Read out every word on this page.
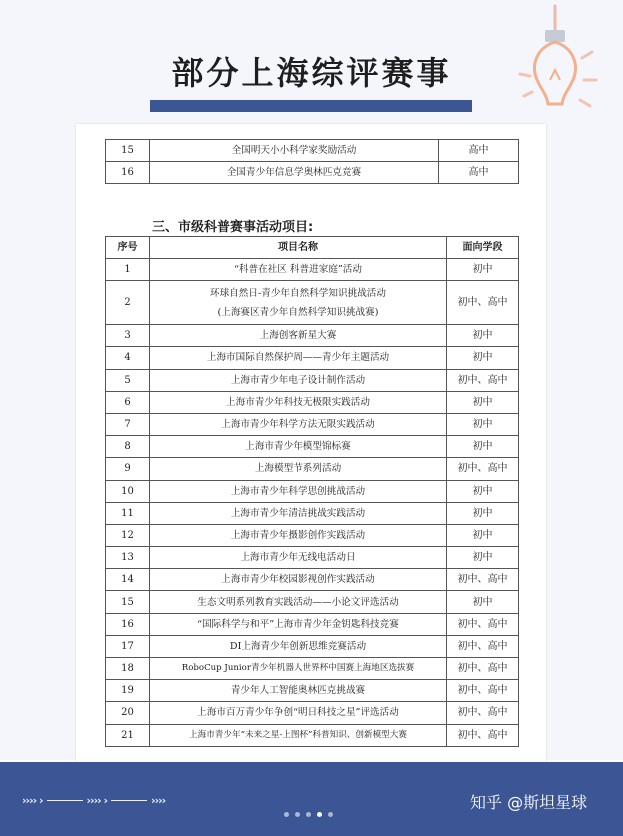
部分上海综评赛事
15	全国明天小小科学家奖励活动	高中
16	全国青少年信息学奥林匹克竞赛	高中
三、市级科普赛事活动项目:
序号	项目名称	面向学段
1	“科普在社区 科普进家庭”活动	初中
2	环球自然日-青少年自然科学知识挑战活动
(上海赛区青少年自然科学知识挑战赛)	初中、高中
3	上海创客新星大赛	初中
4	上海市国际自然保护周——青少年主题活动	初中
5	上海市青少年电子设计制作活动	初中、高中
6	上海市青少年科技无极限实践活动	初中
7	上海市青少年科学方法无限实践活动	初中
8	上海市青少年模型锦标赛	初中
9	上海模型节系列活动	初中、高中
10	上海市青少年科学思创挑战活动	初中
11	上海市青少年清洁挑战实践活动	初中
12	上海市青少年摄影创作实践活动	初中
13	上海市青少年无线电活动日	初中
14	上海市青少年校园影视创作实践活动	初中、高中
15	生态文明系列教育实践活动——小论文评选活动	初中
16	“国际科学与和平”上海市青少年金钥匙科技竞赛	初中、高中
17	DI上海青少年创新思维竞赛活动	初中、高中
18	RoboCup Junior青少年机器人世界杯中国赛上海地区选拔赛	初中、高中
19	青少年人工智能奥林匹克挑战赛	初中、高中
20	上海市百万青少年争创“明日科技之星”评选活动	初中、高中
21	上海市青少年“未来之星-上图杯”科普知识、创新模型大赛	初中、高中
›››› ›	›››› ›	››››	知乎 @斯坦星球
